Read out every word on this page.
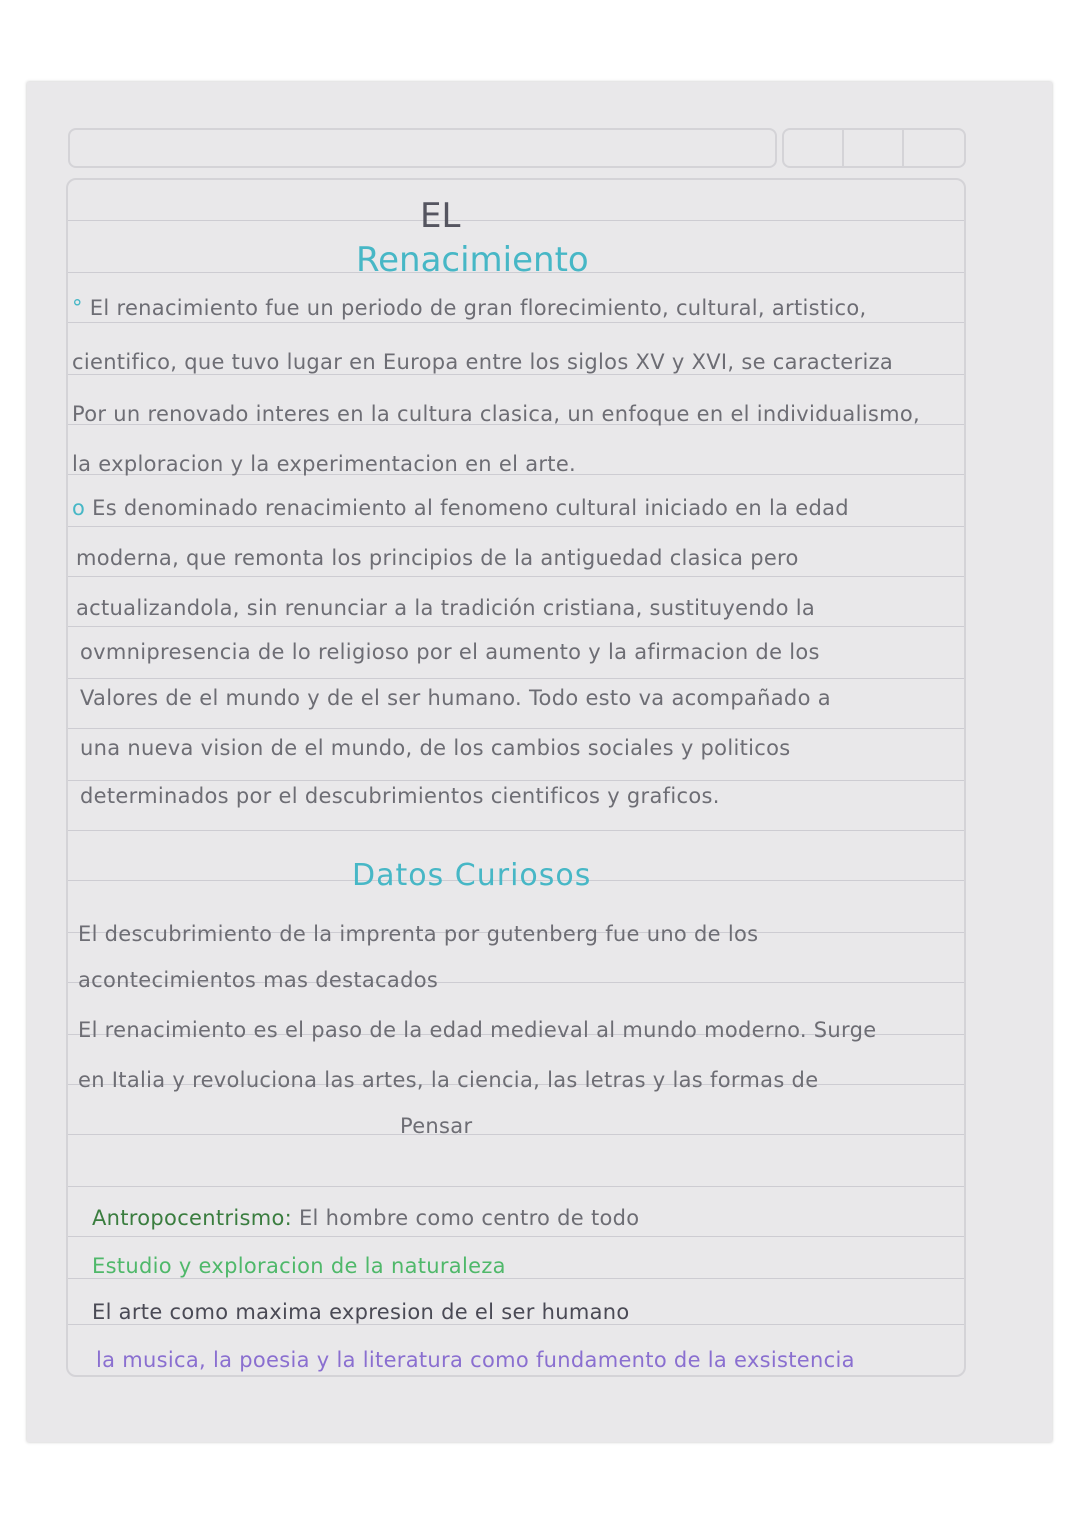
EL
Renacimiento
° El renacimiento fue un periodo de gran florecimiento, cultural, artistico,
cientifico, que tuvo lugar en Europa entre los siglos XV y XVI, se caracteriza
Por un renovado interes en la cultura clasica, un enfoque en el individualismo,
la exploracion y la experimentacion en el arte.
o Es denominado renacimiento al fenomeno cultural iniciado en la edad
moderna, que remonta los principios de la antiguedad clasica pero
actualizandola, sin renunciar a la tradición cristiana, sustituyendo la
ovmnipresencia de lo religioso por el aumento y la afirmacion de los
Valores de el mundo y de el ser humano. Todo esto va acompañado a
una nueva vision de el mundo, de los cambios sociales y politicos
determinados por el descubrimientos cientificos y graficos.
Datos Curiosos
El descubrimiento de la imprenta por gutenberg fue uno de los
acontecimientos mas destacados
El renacimiento es el paso de la edad medieval al mundo moderno. Surge
en Italia y revoluciona las artes, la ciencia, las letras y las formas de
Pensar
Antropocentrismo: El hombre como centro de todo
Estudio y exploracion de la naturaleza
El arte como maxima expresion de el ser humano
la musica, la poesia y la literatura como fundamento de la exsistencia
